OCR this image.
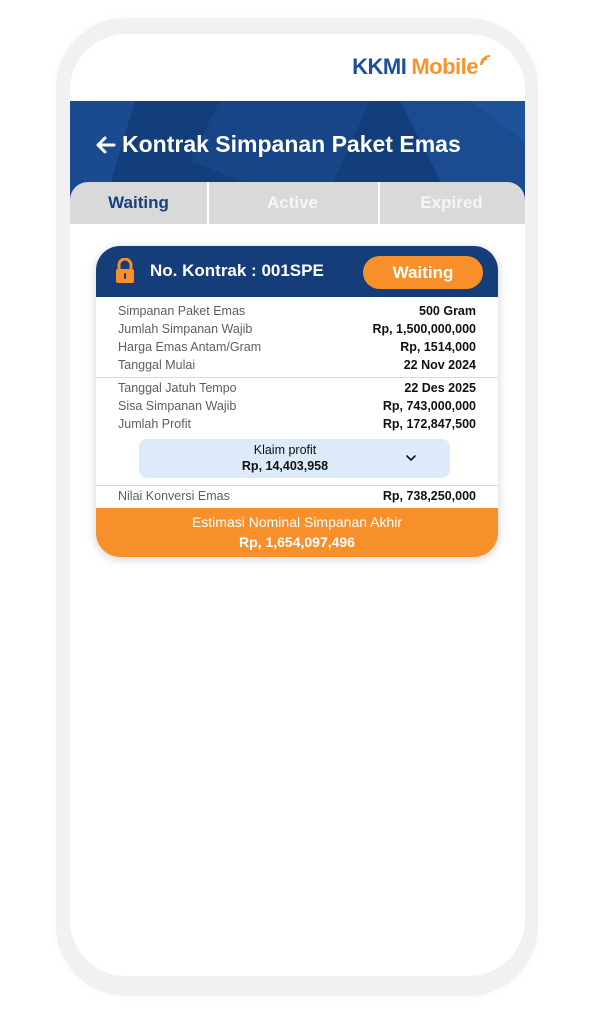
KKMI Mobile
Kontrak Simpanan Paket Emas
Waiting	Active	Expired
No. Kontrak : 001SPE	Waiting
Simpanan Paket Emas	500 Gram
Jumlah Simpanan Wajib	Rp, 1,500,000,000
Harga Emas Antam/Gram	Rp, 1514,000
Tanggal Mulai	22 Nov 2024
Tanggal Jatuh Tempo	22 Des 2025
Sisa Simpanan Wajib	Rp, 743,000,000
Jumlah Profit	Rp, 172,847,500
Klaim profit
Rp, 14,403,958
Nilai Konversi Emas	Rp, 738,250,000
Estimasi Nominal Simpanan Akhir
Rp, 1,654,097,496
